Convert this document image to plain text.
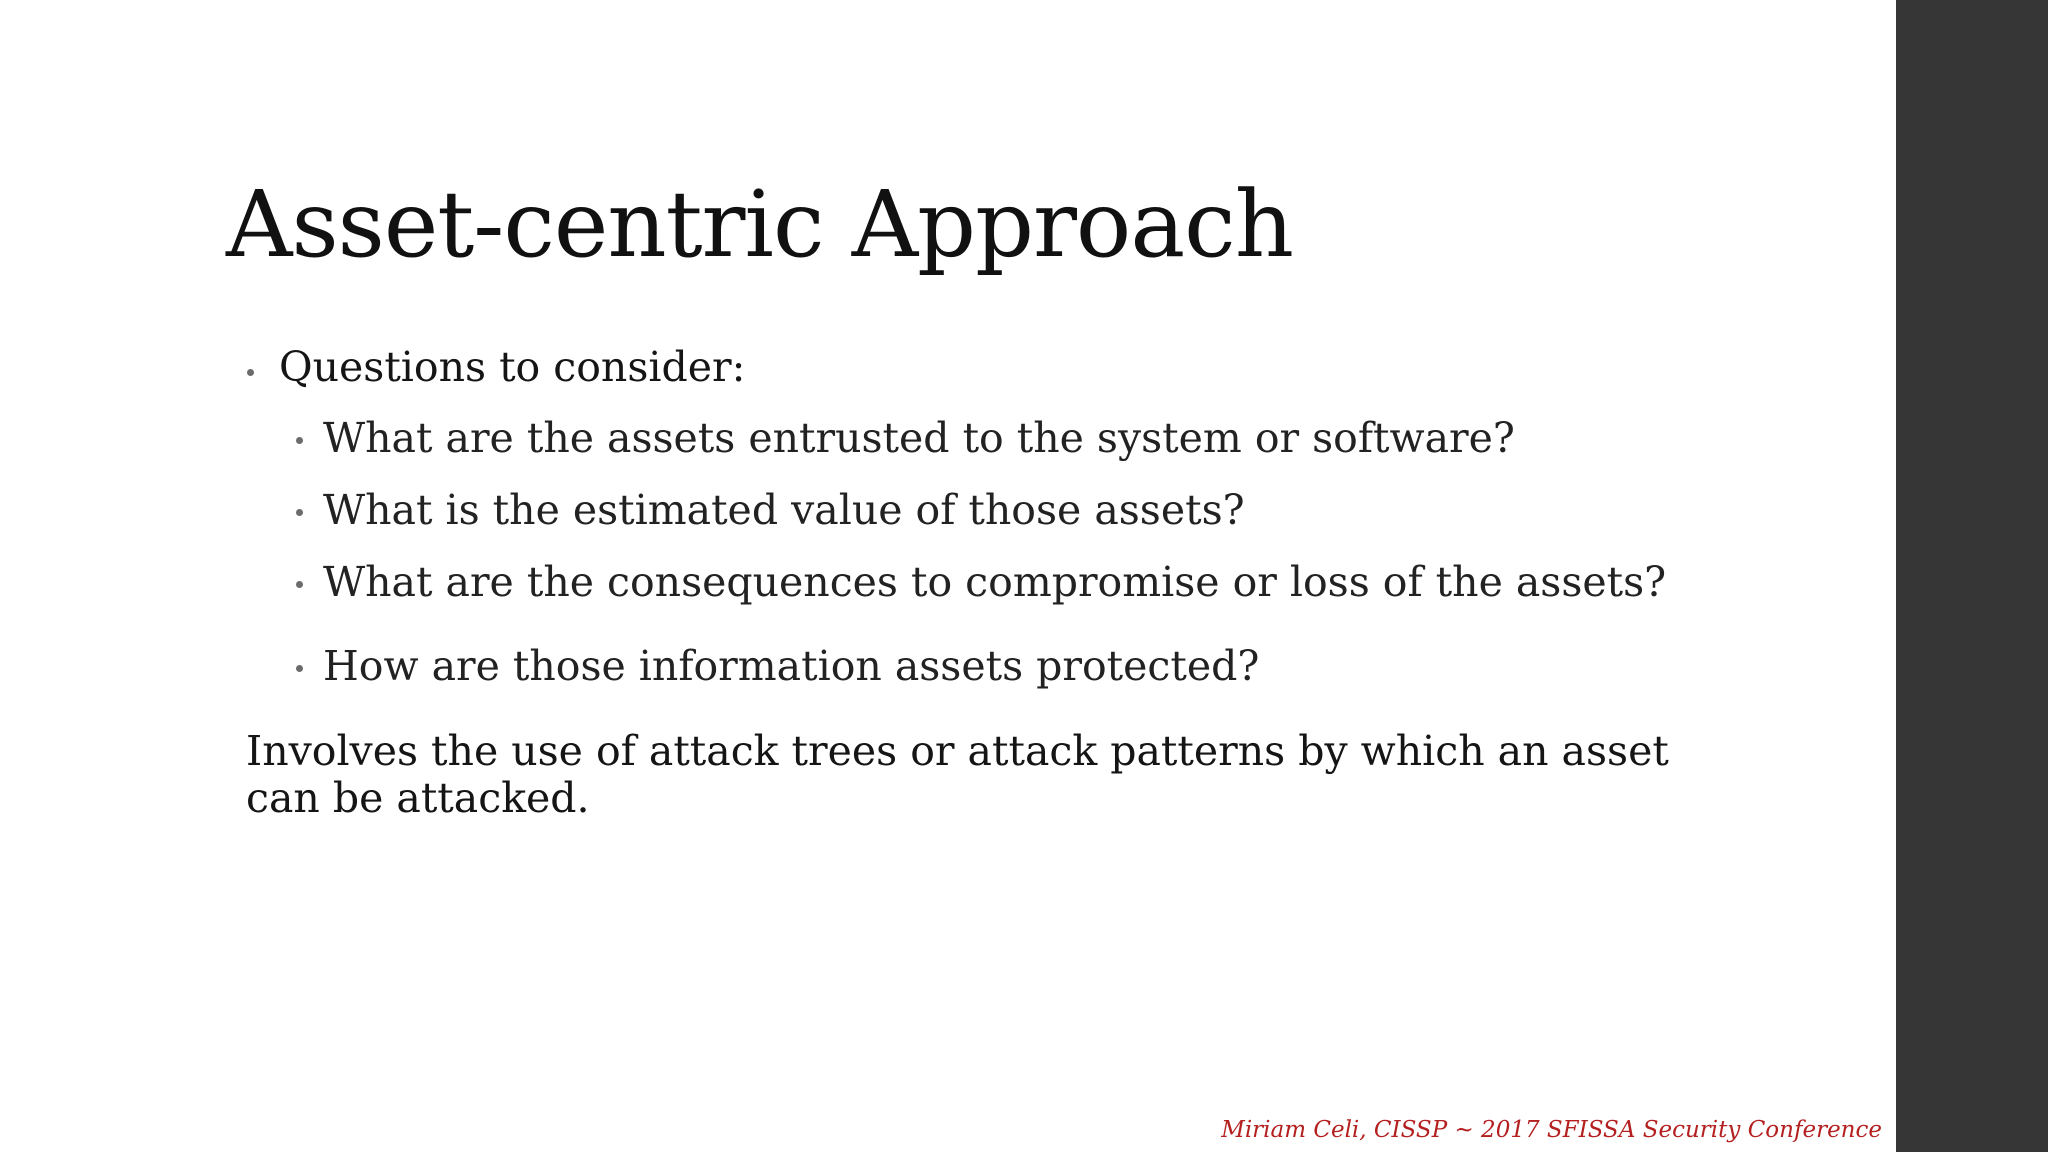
Asset-centric Approach
Questions to consider:
What are the assets entrusted to the system or software?
What is the estimated value of those assets?
What are the consequences to compromise or loss of the assets?
How are those information assets protected?
Involves the use of attack trees or attack patterns by which an asset can be attacked.
Miriam Celi, CISSP ~ 2017 SFISSA Security Conference
